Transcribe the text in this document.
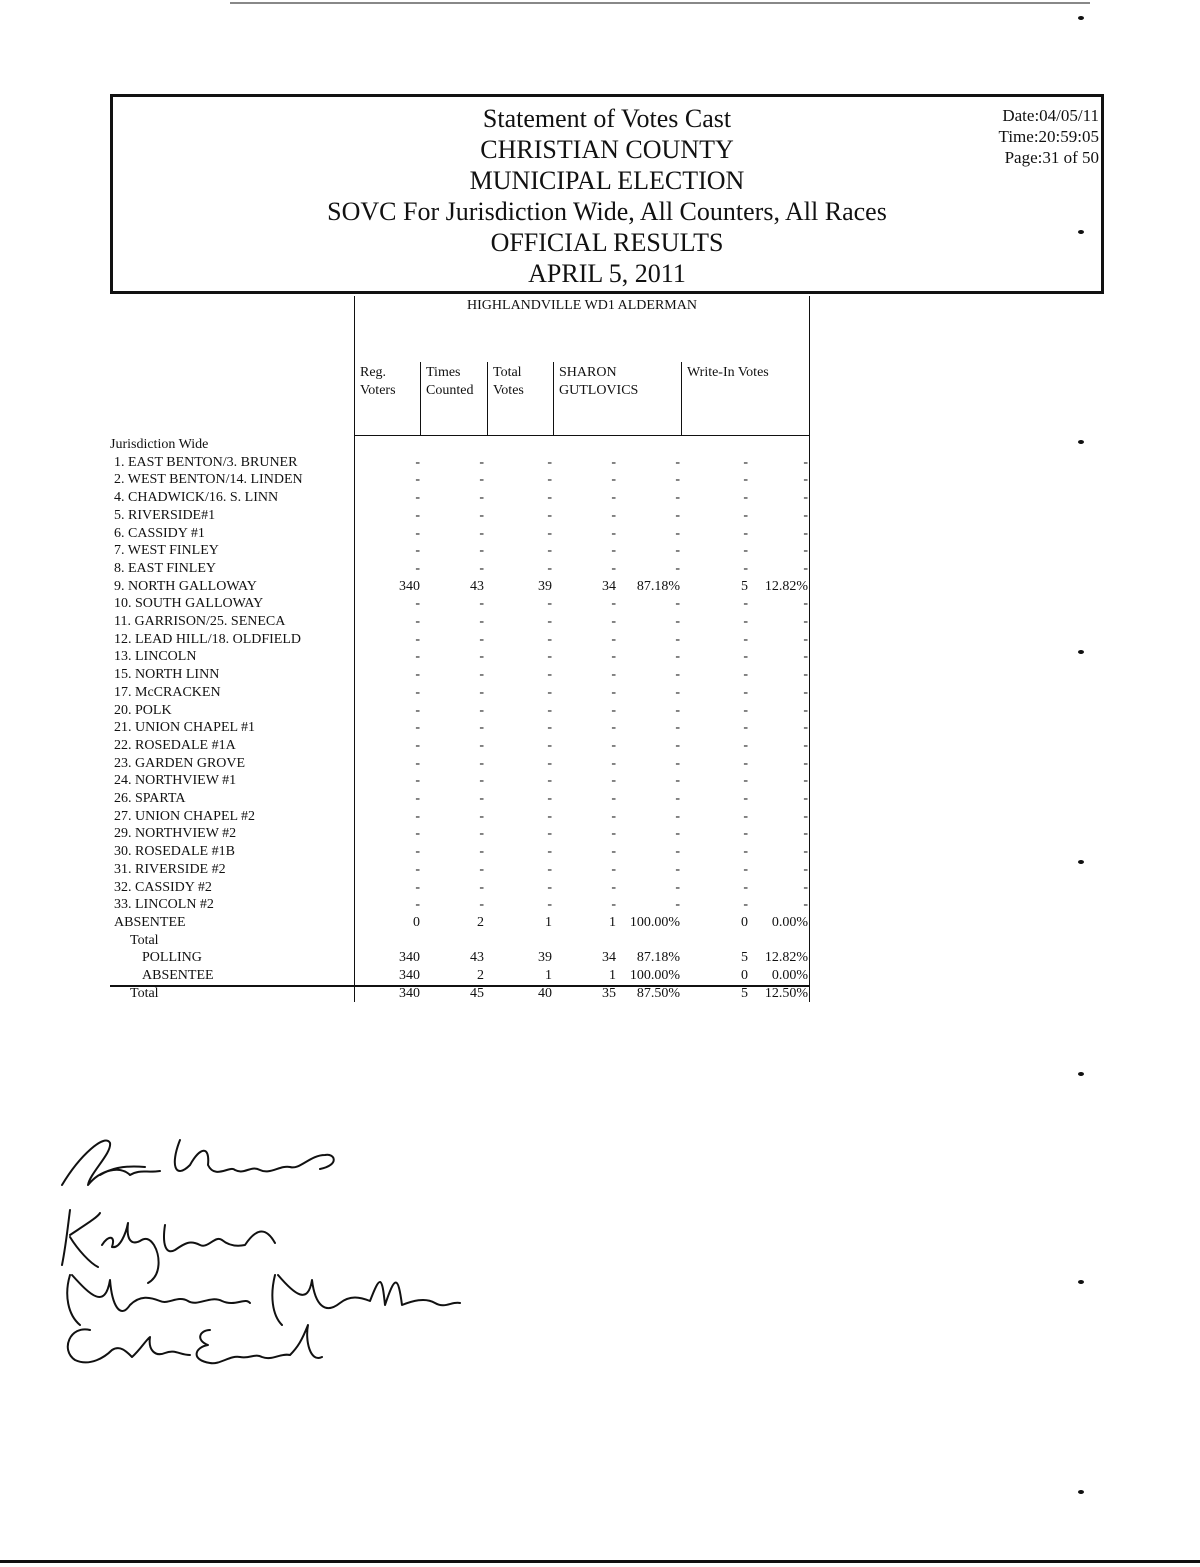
Statement of Votes Cast
CHRISTIAN COUNTY
MUNICIPAL ELECTION
SOVC For Jurisdiction Wide, All Counters, All Races
OFFICIAL RESULTS
APRIL 5, 2011
Date:04/05/11
Time:20:59:05
Page:31 of 50
HIGHLANDVILLE WD1 ALDERMAN
Reg.
Voters
Times
Counted
Total
Votes
SHARON
GUTLOVICS
Write-In Votes
Jurisdiction Wide
1. EAST BENTON/3. BRUNER	-	-	-	-	-	-	-
2. WEST BENTON/14. LINDEN	-	-	-	-	-	-	-
4. CHADWICK/16. S. LINN	-	-	-	-	-	-	-
5. RIVERSIDE#1	-	-	-	-	-	-	-
6. CASSIDY #1	-	-	-	-	-	-	-
7. WEST FINLEY	-	-	-	-	-	-	-
8. EAST FINLEY	-	-	-	-	-	-	-
9. NORTH GALLOWAY	340	43	39	34 87.18%	5 12.82%
10. SOUTH GALLOWAY	-	-	-	-	-	-	-
11. GARRISON/25. SENECA	-	-	-	-	-	-	-
12. LEAD HILL/18. OLDFIELD	-	-	-	-	-	-	-
13. LINCOLN	-	-	-	-	-	-	-
15. NORTH LINN	-	-	-	-	-	-	-
17. McCRACKEN	-	-	-	-	-	-	-
20. POLK	-	-	-	-	-	-	-
21. UNION CHAPEL #1	-	-	-	-	-	-	-
22. ROSEDALE #1A	-	-	-	-	-	-	-
23. GARDEN GROVE	-	-	-	-	-	-	-
24. NORTHVIEW #1	-	-	-	-	-	-	-
26. SPARTA	-	-	-	-	-	-	-
27. UNION CHAPEL #2	-	-	-	-	-	-	-
29. NORTHVIEW #2	-	-	-	-	-	-	-
30. ROSEDALE #1B	-	-	-	-	-	-	-
31. RIVERSIDE #2	-	-	-	-	-	-	-
32. CASSIDY #2	-	-	-	-	-	-	-
33. LINCOLN #2	-	-	-	-	-	-	-
ABSENTEE	0	2	1	1 100.00%	0 0.00%
Total
POLLING	340	43	39	34 87.18%	5 12.82%
ABSENTEE	340	2	1	1 100.00%	0 0.00%
Total	340	45	40	35 87.50%	5 12.50%
